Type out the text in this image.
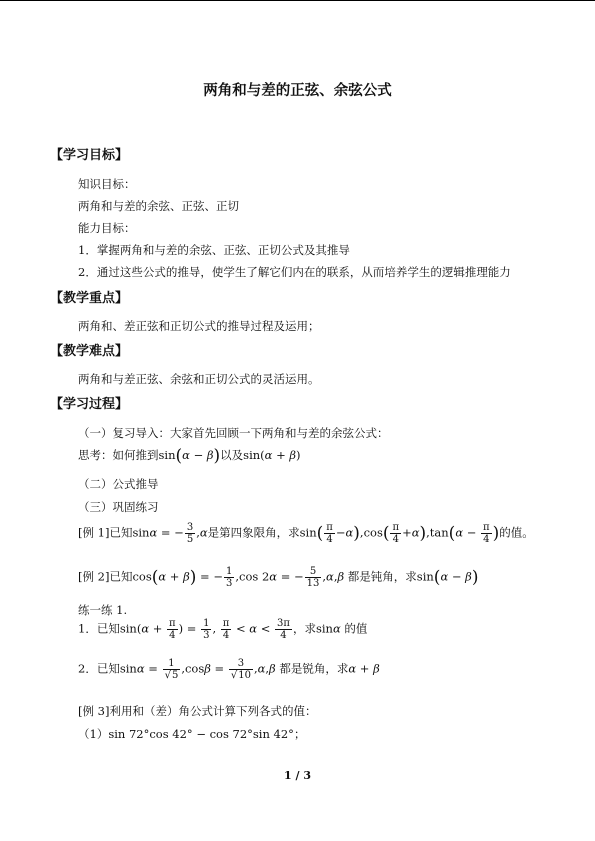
两角和与差的正弦、余弦公式
【学习目标】
知识目标：
两角和与差的余弦、正弦、正切
能力目标：
1．掌握两角和与差的余弦、正弦、正切公式及其推导
2．通过这些公式的推导，使学生了解它们内在的联系，从而培养学生的逻辑推理能力
【教学重点】
两角和、差正弦和正切公式的推导过程及运用；
【教学难点】
两角和与差正弦、余弦和正切公式的灵活运用。
【学习过程】
（一）复习导入：大家首先回顾一下两角和与差的余弦公式：
思考：如何推到sin(α − β)以及sin(α + β)
（二）公式推导
（三）巩固练习
[例 1]已知sinα = − $\frac{3}{5} ,\alpha$是第四象限角，求$\sin( \frac{\pi}{4} -\alpha),\cos( \frac{\pi}{4} +\alpha),\tan(\alpha - \frac{\pi}{4}$ )的值。
[例 2]已知cos(α + β) = − $\frac{1}{3} ,\cos$ 2α = − $\frac{5}{13} ,\alpha,\beta$ 都是钝角，求sin(α − β)
练一练 1.
1．已知$\sin(\alpha + \frac{\pi}{4}$ ) = $\frac{1}{3}$ , $\frac{\pi}{4} < \alpha < \frac{3\pi}{4}$ ，求sinα 的值
2．已知$\sin\alpha = \frac{1}{√5} ,\cos\beta = \frac{3}{√10} ,\alpha,\beta$ 都是锐角，求α + β
[例 3]利用和（差）角公式计算下列各式的值：
（1）sin 72°cos 42° − cos 72°sin 42°；
1 / 3
